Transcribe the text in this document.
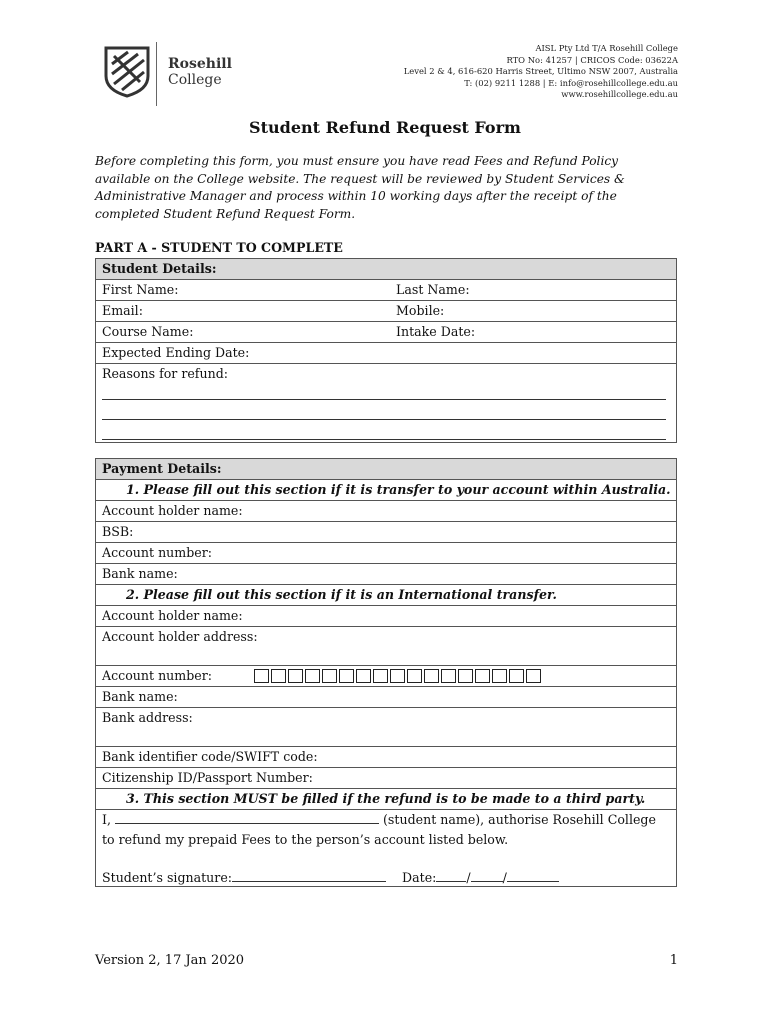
Rosehill
College
AISL Pty Ltd T/A Rosehill College
RTO No: 41257 | CRICOS Code: 03622A
Level 2 & 4, 616-620 Harris Street, Ultimo NSW 2007, Australia
T: (02) 9211 1288 | E: info@rosehillcollege.edu.au
www.rosehillcollege.edu.au
Student Refund Request Form
Before completing this form, you must ensure you have read Fees and Refund Policy available on the College website. The request will be reviewed by Student Services & Administrative Manager and process within 10 working days after the receipt of the completed Student Refund Request Form.
PART A - STUDENT TO COMPLETE
Student Details:
First Name:	Last Name:
Email:	Mobile:
Course Name:	Intake Date:
Expected Ending Date:
Reasons for refund:
Payment Details:
1. Please fill out this section if it is transfer to your account within Australia.
Account holder name:
BSB:
Account number:
Bank name:
2. Please fill out this section if it is an International transfer.
Account holder name:
Account holder address:
Account number:
Bank name:
Bank address:
Bank identifier code/SWIFT code:
Citizenship ID/Passport Number:
3. This section MUST be filled if the refund is to be made to a third party.
I,	(student name), authorise Rosehill College
to refund my prepaid Fees to the person’s account listed below.
Student’s signature:	Date: /	/
Version 2, 17 Jan 2020	1
